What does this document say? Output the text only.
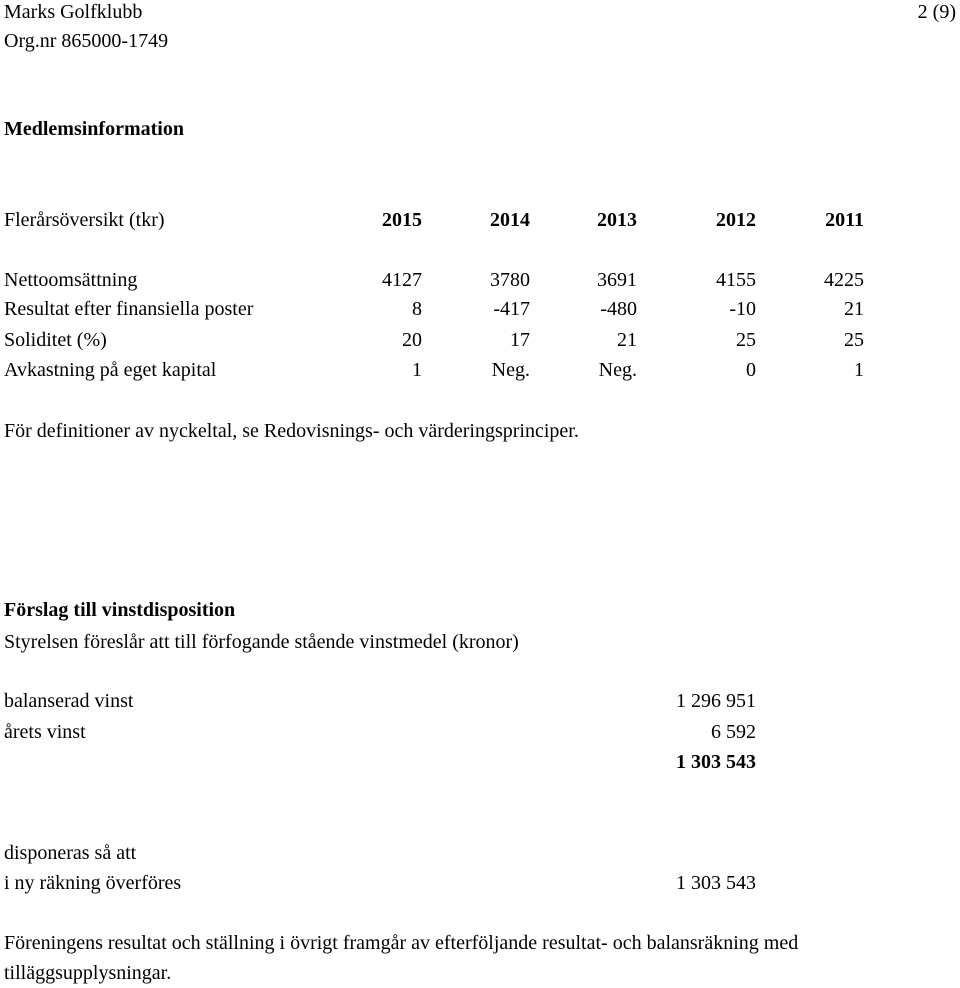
Marks Golfklubb	2 (9)
Org.nr 865000-1749
Medlemsinformation
Flerårsöversikt (tkr)	2015	2014	2013	2012	2011
Nettoomsättning	4127	3780	3691	4155	4225
Resultat efter finansiella poster	8	-417	-480	-10	21
Soliditet (%)	20	17	21	25	25
Avkastning på eget kapital	1	Neg.	Neg.	0	1
För definitioner av nyckeltal, se Redovisnings- och värderingsprinciper.
Förslag till vinstdisposition
Styrelsen föreslår att till förfogande stående vinstmedel (kronor)
balanserad vinst	1 296 951
årets vinst	6 592
1 303 543
disponeras så att
i ny räkning överföres	1 303 543
Föreningens resultat och ställning i övrigt framgår av efterföljande resultat- och balansräkning med tilläggsupplysningar.
